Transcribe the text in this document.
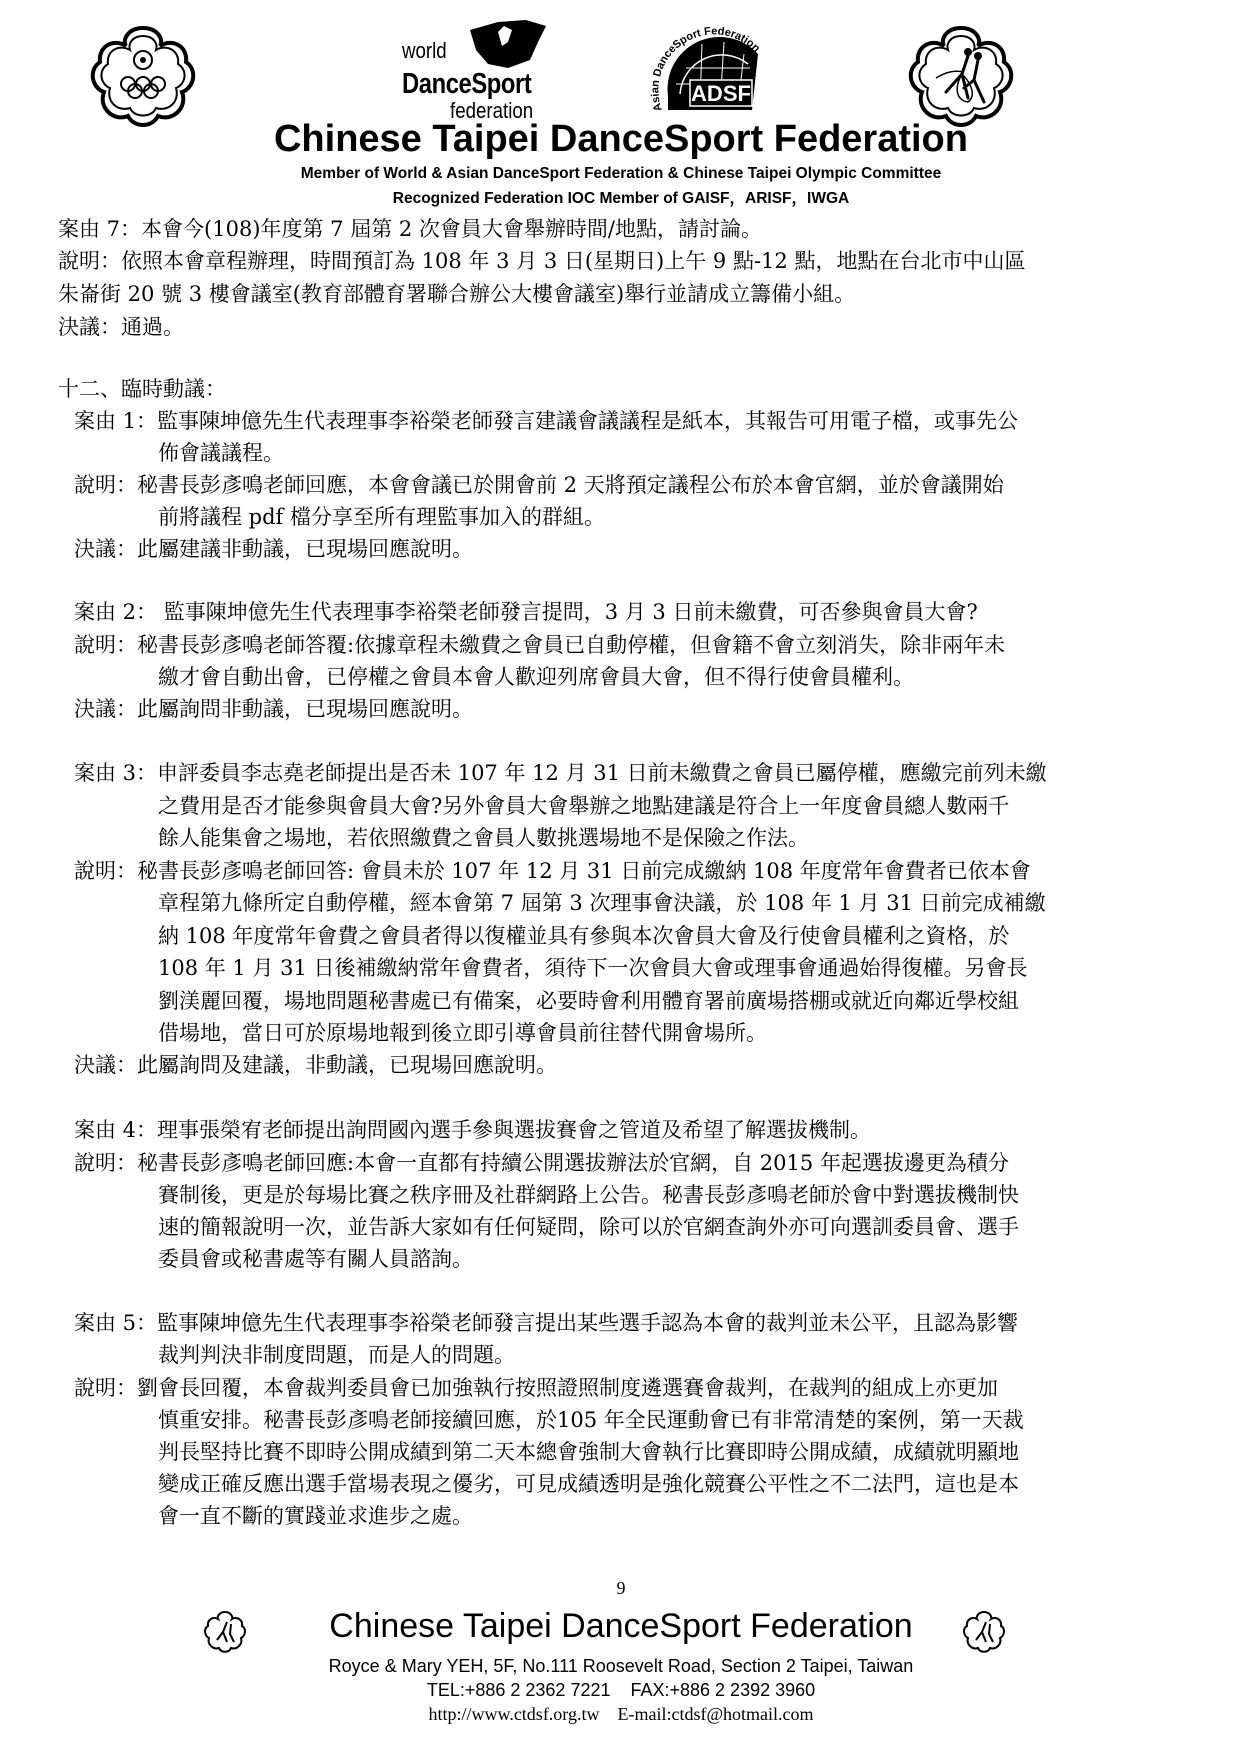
world
DanceSport
federation
ADSF
Asian DanceSport Federation
Chinese Taipei DanceSport Federation
Member of World & Asian DanceSport Federation & Chinese Taipei Olympic Committee
Recognized Federation IOC Member of GAISF，ARISF，IWGA
案由 7：本會今(108)年度第 7 屆第 2 次會員大會舉辦時間/地點，請討論。
說明：依照本會章程辦理，時間預訂為 108 年 3 月 3 日(星期日)上午 9 點-12 點，地點在台北市中山區
朱崙街 20 號 3 樓會議室(教育部體育署聯合辦公大樓會議室)舉行並請成立籌備小組。
決議：通過。
十二、臨時動議：
案由 1：監事陳坤億先生代表理事李裕榮老師發言建議會議議程是紙本，其報告可用電子檔，或事先公
佈會議議程。
說明：秘書長彭彥鳴老師回應，本會會議已於開會前 2 天將預定議程公布於本會官網，並於會議開始
前將議程 pdf 檔分享至所有理監事加入的群組。
決議：此屬建議非動議，已現場回應說明。
案由 2： 監事陳坤億先生代表理事李裕榮老師發言提問，3 月 3 日前未繳費，可否參與會員大會?
說明：秘書長彭彥鳴老師答覆:依據章程未繳費之會員已自動停權，但會籍不會立刻消失，除非兩年未
繳才會自動出會，已停權之會員本會人歡迎列席會員大會，但不得行使會員權利。
決議：此屬詢問非動議，已現場回應說明。
案由 3：申評委員李志堯老師提出是否未 107 年 12 月 31 日前未繳費之會員已屬停權，應繳完前列未繳
之費用是否才能參與會員大會?另外會員大會舉辦之地點建議是符合上一年度會員總人數兩千
餘人能集會之場地，若依照繳費之會員人數挑選場地不是保險之作法。
說明：秘書長彭彥鳴老師回答: 會員未於 107 年 12 月 31 日前完成繳納 108 年度常年會費者已依本會
章程第九條所定自動停權，經本會第 7 屆第 3 次理事會決議，於 108 年 1 月 31 日前完成補繳
納 108 年度常年會費之會員者得以復權並具有參與本次會員大會及行使會員權利之資格，於
108 年 1 月 31 日後補繳納常年會費者，須待下一次會員大會或理事會通過始得復權。另會長
劉渼麗回覆，場地問題秘書處已有備案，必要時會利用體育署前廣場搭棚或就近向鄰近學校組
借場地，當日可於原場地報到後立即引導會員前往替代開會場所。
決議：此屬詢問及建議，非動議，已現場回應說明。
案由 4：理事張榮宥老師提出詢問國內選手參與選拔賽會之管道及希望了解選拔機制。
說明：秘書長彭彥鳴老師回應:本會一直都有持續公開選拔辦法於官網，自 2015 年起選拔邊更為積分
賽制後，更是於每場比賽之秩序冊及社群網路上公告。秘書長彭彥鳴老師於會中對選拔機制快
速的簡報說明一次，並告訴大家如有任何疑問，除可以於官網查詢外亦可向選訓委員會、選手
委員會或秘書處等有關人員諮詢。
案由 5：監事陳坤億先生代表理事李裕榮老師發言提出某些選手認為本會的裁判並未公平，且認為影響
裁判判決非制度問題，而是人的問題。
說明：劉會長回覆，本會裁判委員會已加強執行按照證照制度遴選賽會裁判，在裁判的組成上亦更加
慎重安排。秘書長彭彥鳴老師接續回應，於105 年全民運動會已有非常清楚的案例，第一天裁
判長堅持比賽不即時公開成績到第二天本總會強制大會執行比賽即時公開成績，成績就明顯地
變成正確反應出選手當場表現之優劣，可見成績透明是強化競賽公平性之不二法門，這也是本
會一直不斷的實踐並求進步之處。
9
Chinese Taipei DanceSport Federation
Royce & Mary YEH, 5F, No.111 Roosevelt Road, Section 2 Taipei, Taiwan
TEL:+886 2 2362 7221    FAX:+886 2 2392 3960
http://www.ctdsf.org.tw    E-mail:ctdsf@hotmail.com
